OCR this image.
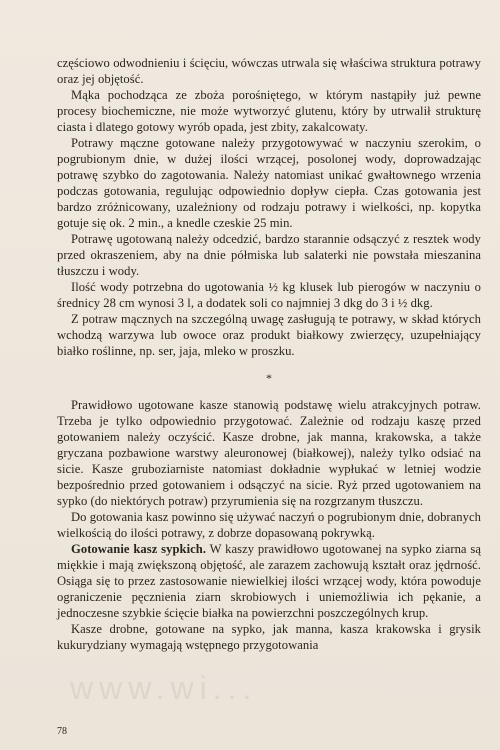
częściowo odwodnieniu i ścięciu, wówczas utrwala się właściwa struktura potrawy oraz jej objętość.

Mąka pochodząca ze zboża porośniętego, w którym nastąpiły już pewne procesy biochemiczne, nie może wytworzyć glutenu, który by utrwalił strukturę ciasta i dlatego gotowy wyrób opada, jest zbity, zakalcowaty.

Potrawy mączne gotowane należy przygotowywać w naczyniu szerokim, o pogrubionym dnie, w dużej ilości wrzącej, posolonej wody, doprowadzając potrawę szybko do zagotowania. Należy natomiast unikać gwałtownego wrzenia podczas gotowania, regulując odpowiednio dopływ ciepła. Czas gotowania jest bardzo zróżnicowany, uzależniony od rodzaju potrawy i wielkości, np. kopytka gotuje się ok. 2 min., a knedle czeskie 25 min.

Potrawę ugotowaną należy odcedzić, bardzo starannie odsączyć z resztek wody przed okraszeniem, aby na dnie półmiska lub salaterki nie powstała mieszanina tłuszczu i wody.

Ilość wody potrzebna do ugotowania ½ kg klusek lub pierogów w naczyniu o średnicy 28 cm wynosi 3 l, a dodatek soli co najmniej 3 dkg do 3 i ½ dkg.

Z potraw mącznych na szczególną uwagę zasługują te potrawy, w skład których wchodzą warzywa lub owoce oraz produkt białkowy zwierzęcy, uzupełniający białko roślinne, np. ser, jaja, mleko w proszku.

*

Prawidłowo ugotowane kasze stanowią podstawę wielu atrakcyjnych potraw. Trzeba je tylko odpowiednio przygotować. Zależnie od rodzaju kaszę przed gotowaniem należy oczyścić. Kasze drobne, jak manna, krakowska, a także gryczana pozbawione warstwy aleuronowej (białkowej), należy tylko odsiać na sicie. Kasze gruboziarniste natomiast dokładnie wypłukać w letniej wodzie bezpośrednio przed gotowaniem i odsączyć na sicie. Ryż przed ugotowaniem na sypko (do niektórych potraw) przyrumienia się na rozgrzanym tłuszczu.

Do gotowania kasz powinno się używać naczyń o pogrubionym dnie, dobranych wielkością do ilości potrawy, z dobrze dopasowaną pokrywką.

Gotowanie kasz sypkich. W kaszy prawidłowo ugotowanej na sypko ziarna są miękkie i mają zwiększoną objętość, ale zarazem zachowują kształt oraz jędrność. Osiąga się to przez zastosowanie niewielkiej ilości wrzącej wody, która powoduje ograniczenie pęcznienia ziarn skrobiowych i uniemożliwia ich pękanie, a jednoczesne szybkie ścięcie białka na powierzchni poszczególnych krup.

Kasze drobne, gotowane na sypko, jak manna, kasza krakowska i grysik kukurydziany wymagają wstępnego przygotowania

www.wi...
78
